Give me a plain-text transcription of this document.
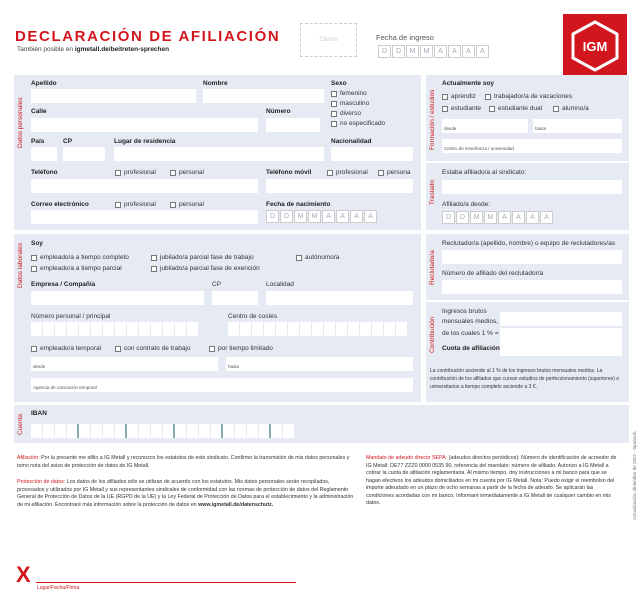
DECLARACIÓN DE AFILIACIÓN
También posible en igmetall.de/beitreten-sprechen
Clients	Fecha de ingreso
D	D	M	M	A	A	A	A	IGM
Datos personales
Apellido	Nombre	Sexo
femenino
masculino
diverso
no especificado
Calle	Número
País	CP	Lugar de residencia	Nacionalidad
Teléfono	profesional	personal	Teléfono móvil	profesional	persona
Correo electrónico	profesional	personal	Fecha de nacimiento
D	D	M	M	A	A	A	A
Formación / estudios
Actualmente soy
aprendiz	trabajador/a de vacaciones
estudiante	estudiante dual	alumno/a
desde	hasta
Centro de enseñanza / universidad
Traslado
Estaba afiliado/a al sindicato:
Afiliado/a desde:
D	D	M	M	A	A	A	A
Datos laborales Soy
empleado/a a tiempo completo	jubilado/a parcial fase de trabajo	autónomo/a
empleado/a a tiempo parcial	jubilado/a parcial fase de exención
Empresa / Compañía	CP	Localidad
Número personal / principal	Centro de costes
empleado/a temporal	con contrato de trabajo	por tiempo limitado
desde	hasta
Agencia de colocación temporal
Reclutado/a
Reclutador/a (apellido, nombre) o equipo de reclutadores/as
Número de afiliado del reclutador/a
Contribución
Ingresos brutos
mensuales medios,
de los cuales 1 % =
Cuota de afiliación
La contribución asciende al 1 % de los ingresos brutos mensuales medios. La contribución de los afiliados que cursan estudios de perfeccionamiento (superiores) o universitarios a tiempo completo asciende a 3 €.
Cuenta
IBAN
Afiliación: Por la presente me afilio a IG Metall y reconozco los estatutos de este sindicato. Confirmo la transmisión de mis datos personales y tomo nota del aviso de protección de datos de IG Metall.
Protección de datos: Los datos de los afiliados sólo se utilizan de acuerdo con los estatutos. Mis datos personales serán recopilados, procesados y utilizados por IG Metall y sus representantes sindicales de conformidad con las normas de protección de datos del Reglamento General de Protección de Datos de la UE (RGPD de la UE) y la Ley Federal de Protección de Datos para el establecimiento y la administración de mi afiliación. Encontraré más información sobre la protección de datos en www.igmetall.de/datenschutz.
Mandato de adeudo directo SEPA: (adeudos directos periódicos): Número de identificación de acreedor de IG Metall: DE77 ZZZ0 0000 0535 90, referencia del mandato: número de afiliado. Autorizo a IG Metall a cobrar la cuota de afiliación reglamentaria. Al mismo tiempo, doy instrucciones a mi banco para que se hagan efectivos los adeudos domiciliados en mi cuenta por IG Metall. Nota: Puedo exigir el reembolso del importe adeudado en un plazo de ocho semanas a partir de la fecha de adeudo. Se aplicarán las condiciones acordadas con mi banco. Informaré inmediatamente a IG Metall de cualquier cambio en mis datos.
X
Lugar/Fecha/Firma
Actualización: diciembre de 2022 · Spanisch
